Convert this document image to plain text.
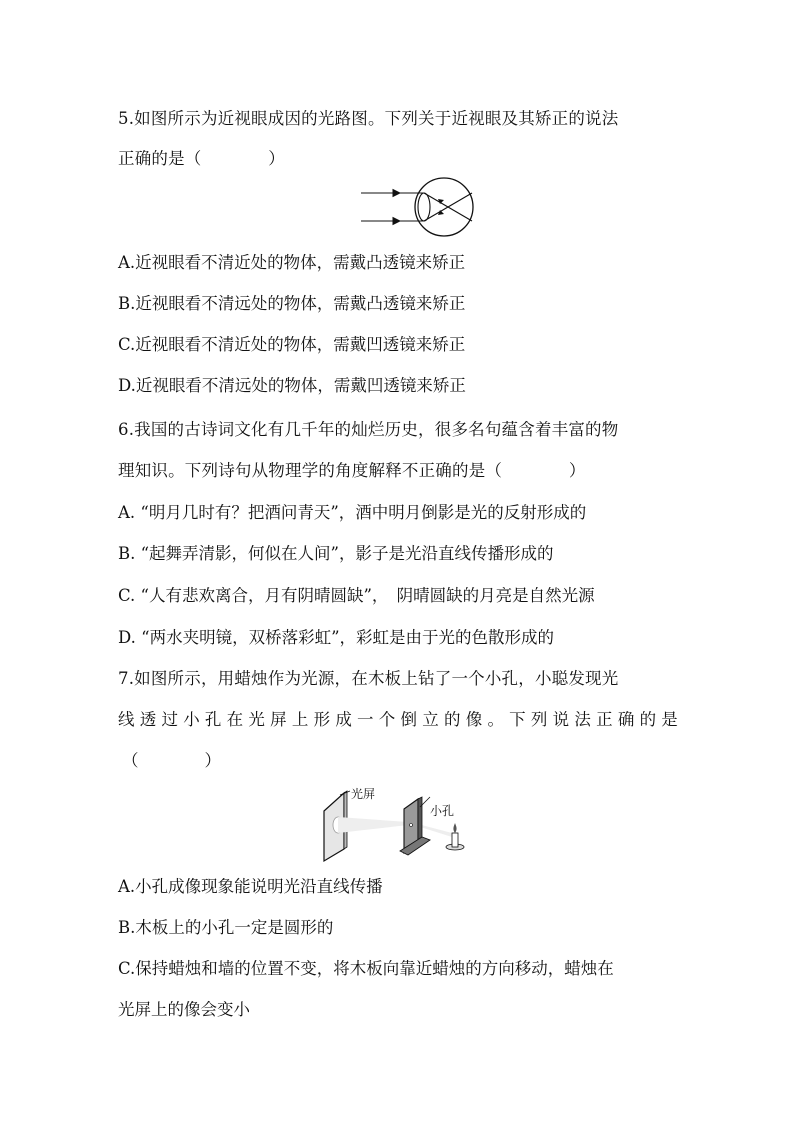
5.如图所示为近视眼成因的光路图。下列关于近视眼及其矫正的说法
正确的是（　　　　）
A.近视眼看不清近处的物体，需戴凸透镜来矫正
B.近视眼看不清远处的物体，需戴凸透镜来矫正
C.近视眼看不清近处的物体，需戴凹透镜来矫正
D.近视眼看不清远处的物体，需戴凹透镜来矫正
6.我国的古诗词文化有几千年的灿烂历史，很多名句蕴含着丰富的物
理知识。下列诗句从物理学的角度解释不正确的是（　　　　）
A. “明月几时有？把酒问青天”，酒中明月倒影是光的反射形成的
B. “起舞弄清影，何似在人间”，影子是光沿直线传播形成的
C. “人有悲欢离合，月有阴晴圆缺”，　阴晴圆缺的月亮是自然光源
D. “两水夹明镜，双桥落彩虹”，彩虹是由于光的色散形成的
7.如图所示，用蜡烛作为光源，在木板上钻了一个小孔，小聪发现光
线透过小孔在光屏上形成一个倒立的像。下列说法正确的是
（　　　　）
光屏
小孔
A.小孔成像现象能说明光沿直线传播
B.木板上的小孔一定是圆形的
C.保持蜡烛和墙的位置不变，将木板向靠近蜡烛的方向移动，蜡烛在
光屏上的像会变小
